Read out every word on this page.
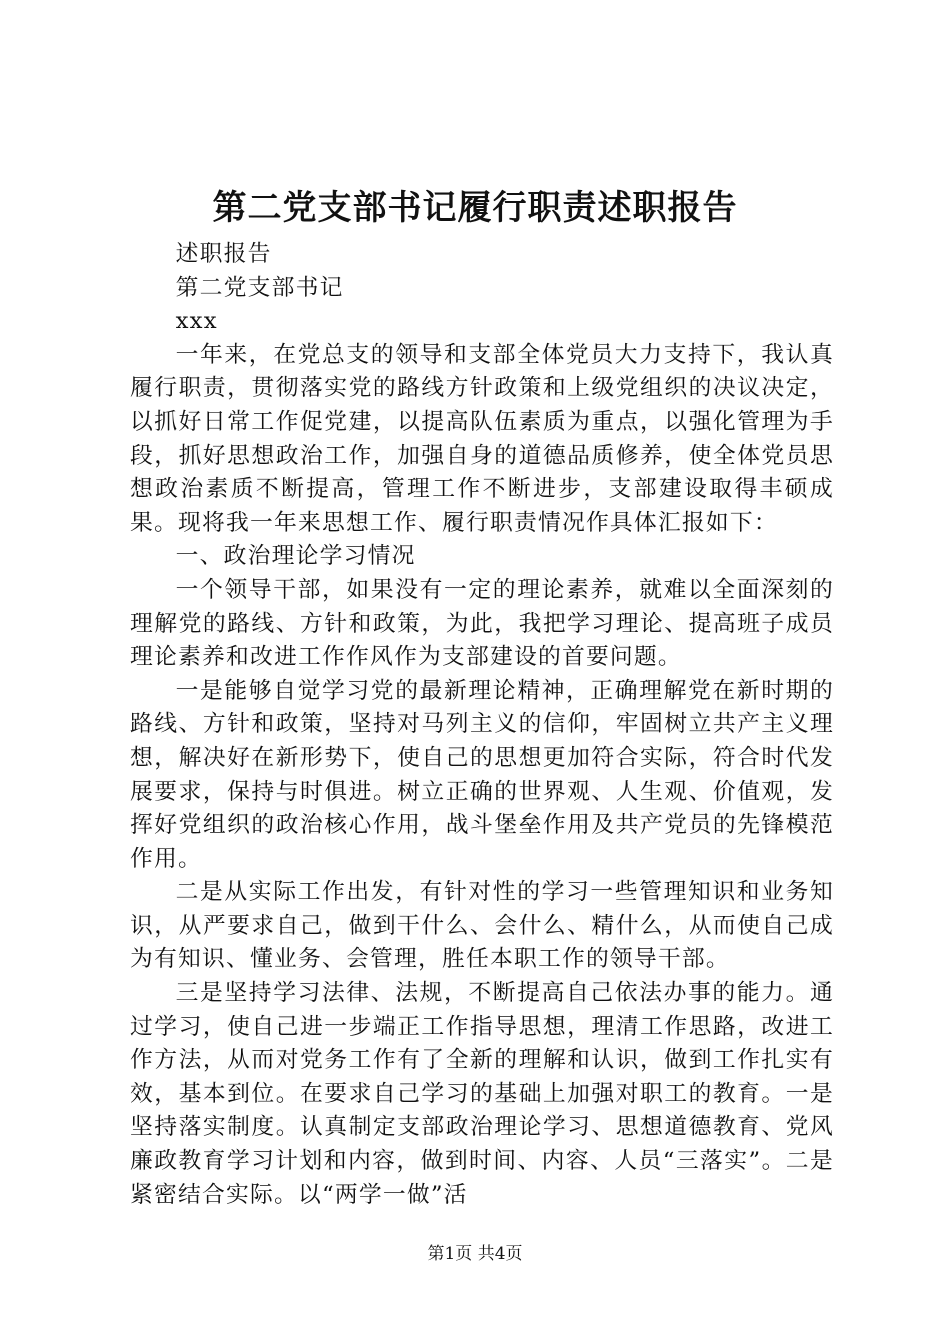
第二党支部书记履行职责述职报告

述职报告

第二党支部书记

xxx

一年来，在党总支的领导和支部全体党员大力支持下，我认真履行职责，贯彻落实党的路线方针政策和上级党组织的决议决定，以抓好日常工作促党建，以提高队伍素质为重点，以强化管理为手段，抓好思想政治工作，加强自身的道德品质修养，使全体党员思想政治素质不断提高，管理工作不断进步，支部建设取得丰硕成果。现将我一年来思想工作、履行职责情况作具体汇报如下：

一、政治理论学习情况

一个领导干部，如果没有一定的理论素养，就难以全面深刻的理解党的路线、方针和政策，为此，我把学习理论、提高班子成员理论素养和改进工作作风作为支部建设的首要问题。

一是能够自觉学习党的最新理论精神，正确理解党在新时期的路线、方针和政策，坚持对马列主义的信仰，牢固树立共产主义理想，解决好在新形势下，使自己的思想更加符合实际，符合时代发展要求，保持与时俱进。树立正确的世界观、人生观、价值观，发挥好党组织的政治核心作用，战斗堡垒作用及共产党员的先锋模范作用。

二是从实际工作出发，有针对性的学习一些管理知识和业务知识，从严要求自己，做到干什么、会什么、精什么，从而使自己成为有知识、懂业务、会管理，胜任本职工作的领导干部。

三是坚持学习法律、法规，不断提高自己依法办事的能力。通过学习，使自己进一步端正工作指导思想，理清工作思路，改进工作方法，从而对党务工作有了全新的理解和认识，做到工作扎实有效，基本到位。在要求自己学习的基础上加强对职工的教育。一是坚持落实制度。认真制定支部政治理论学习、思想道德教育、党风廉政教育学习计划和内容，做到时间、内容、人员“三落实”。二是紧密结合实际。以“两学一做”活

第1页 共4页
